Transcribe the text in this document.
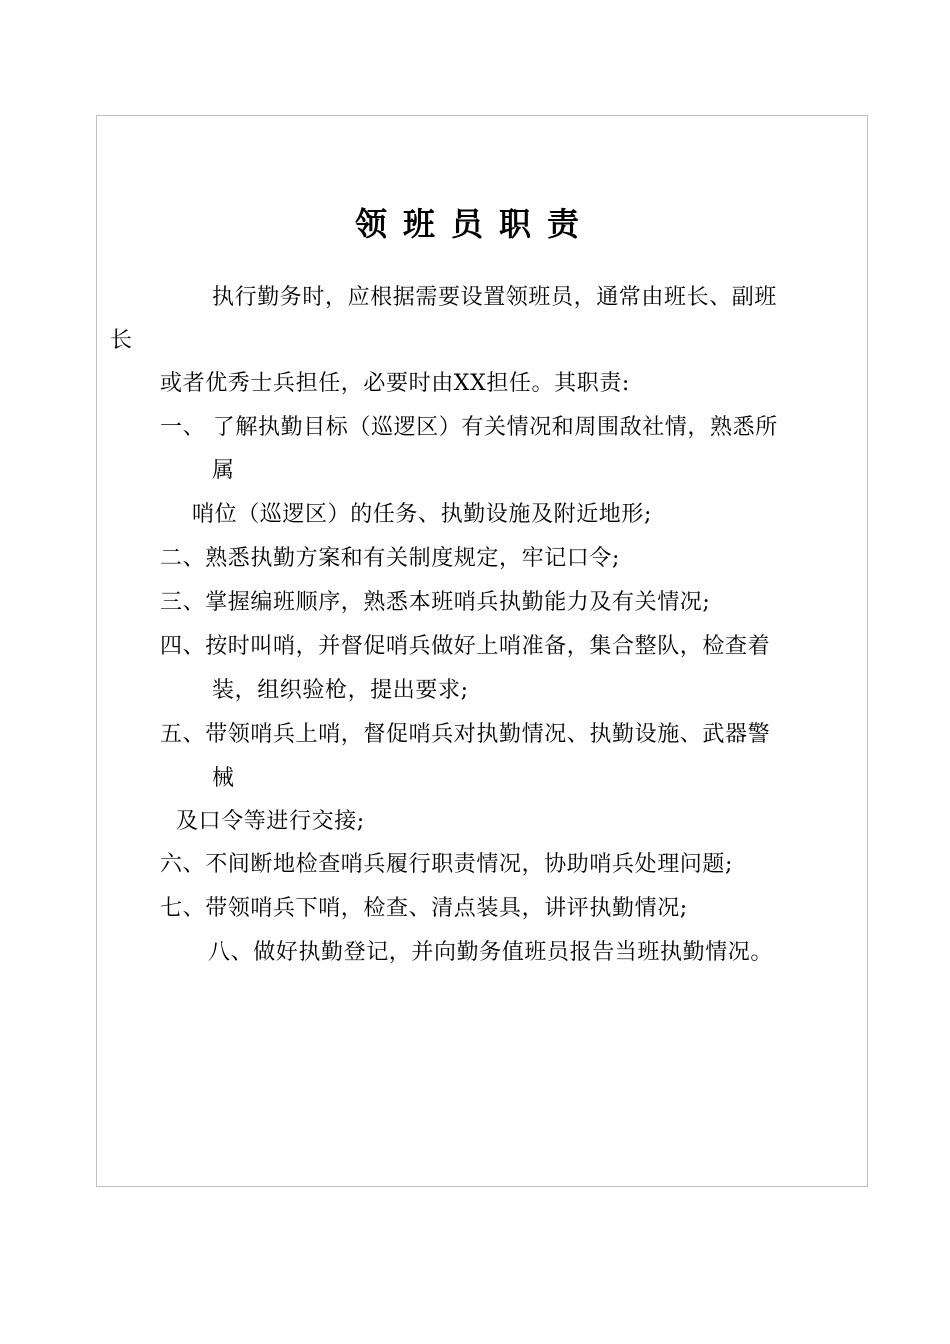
领班员职责
执行勤务时，应根据需要设置领班员，通常由班长、副班
长
或者优秀士兵担任，必要时由XX担任。其职责:
一、 了解执勤目标（巡逻区）有关情况和周围敌社情，熟悉所
属
哨位（巡逻区）的任务、执勤设施及附近地形;
二、熟悉执勤方案和有关制度规定，牢记口令;
三、掌握编班顺序，熟悉本班哨兵执勤能力及有关情况;
四、按时叫哨，并督促哨兵做好上哨准备，集合整队，检查着
装，组织验枪，提出要求;
五、带领哨兵上哨，督促哨兵对执勤情况、执勤设施、武器警
械
及口令等进行交接;
六、不间断地检查哨兵履行职责情况，协助哨兵处理问题;
七、带领哨兵下哨，检查、清点装具，讲评执勤情况;
八、做好执勤登记，并向勤务值班员报告当班执勤情况。
